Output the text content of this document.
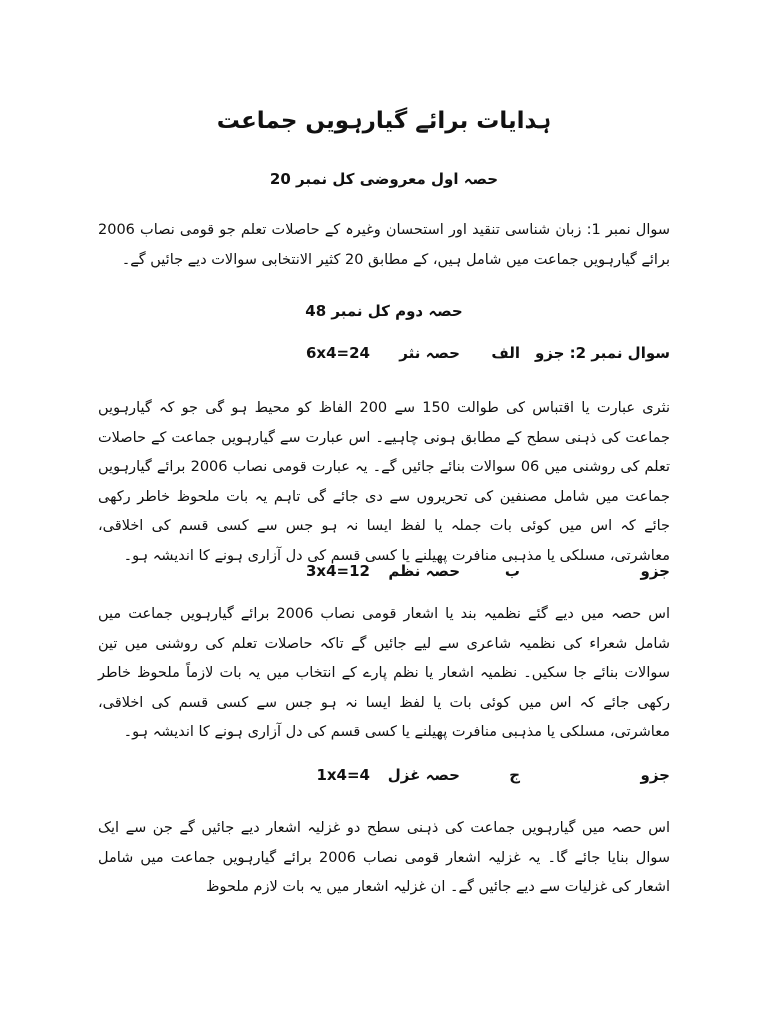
ہدایات برائے گیارہویں جماعت
حصہ اول معروضی کل نمبر 20

سوال نمبر 1: زبان شناسی تنقید اور استحسان وغیرہ کے حاصلات تعلم جو قومی نصاب 2006 برائے گیارہویں جماعت میں شامل ہیں، کے مطابق 20 کثیر الانتخابی سوالات دیے جائیں گے۔

حصہ دوم کل نمبر 48
سوال نمبر 2: جزو
الف
حصہ نثر
6x4=24

نثری عبارت یا اقتباس کی طوالت 150 سے 200 الفاظ کو محیط ہو گی جو کہ گیارہویں جماعت کی ذہنی سطح کے مطابق ہونی چاہیے۔ اس عبارت سے گیارہویں جماعت کے حاصلات تعلم کی روشنی میں 06 سوالات بنائے جائیں گے۔ یہ عبارت قومی نصاب 2006 برائے گیارہویں جماعت میں شامل مصنفین کی تحریروں سے دی جائے گی تاہم یہ بات ملحوظ خاطر رکھی جائے کہ اس میں کوئی بات جملہ یا لفظ ایسا نہ ہو جس سے کسی قسم کی اخلاقی، معاشرتی، مسلکی یا مذہبی منافرت پھیلنے یا کسی قسم کی دل آزاری ہونے کا اندیشہ ہو۔

جزو
ب
حصہ نظم
3x4=12

اس حصہ میں دیے گئے نظمیہ بند یا اشعار قومی نصاب 2006 برائے گیارہویں جماعت میں شامل شعراء کی نظمیہ شاعری سے لیے جائیں گے تاکہ حاصلات تعلم کی روشنی میں تین سوالات بنائے جا سکیں۔ نظمیہ اشعار یا نظم پارے کے انتخاب میں یہ بات لازماً ملحوظ خاطر رکھی جائے کہ اس میں کوئی بات یا لفظ ایسا نہ ہو جس سے کسی قسم کی اخلاقی، معاشرتی، مسلکی یا مذہبی منافرت پھیلنے یا کسی قسم کی دل آزاری ہونے کا اندیشہ ہو۔

جزو
ج
حصہ غزل
1x4=4

اس حصہ میں گیارہویں جماعت کی ذہنی سطح دو غزلیہ اشعار دیے جائیں گے جن سے ایک سوال بنایا جائے گا۔ یہ غزلیہ اشعار قومی نصاب 2006 برائے گیارہویں جماعت میں شامل اشعار کی غزلیات سے دیے جائیں گے۔ ان غزلیہ اشعار میں یہ بات لازم ملحوظ
